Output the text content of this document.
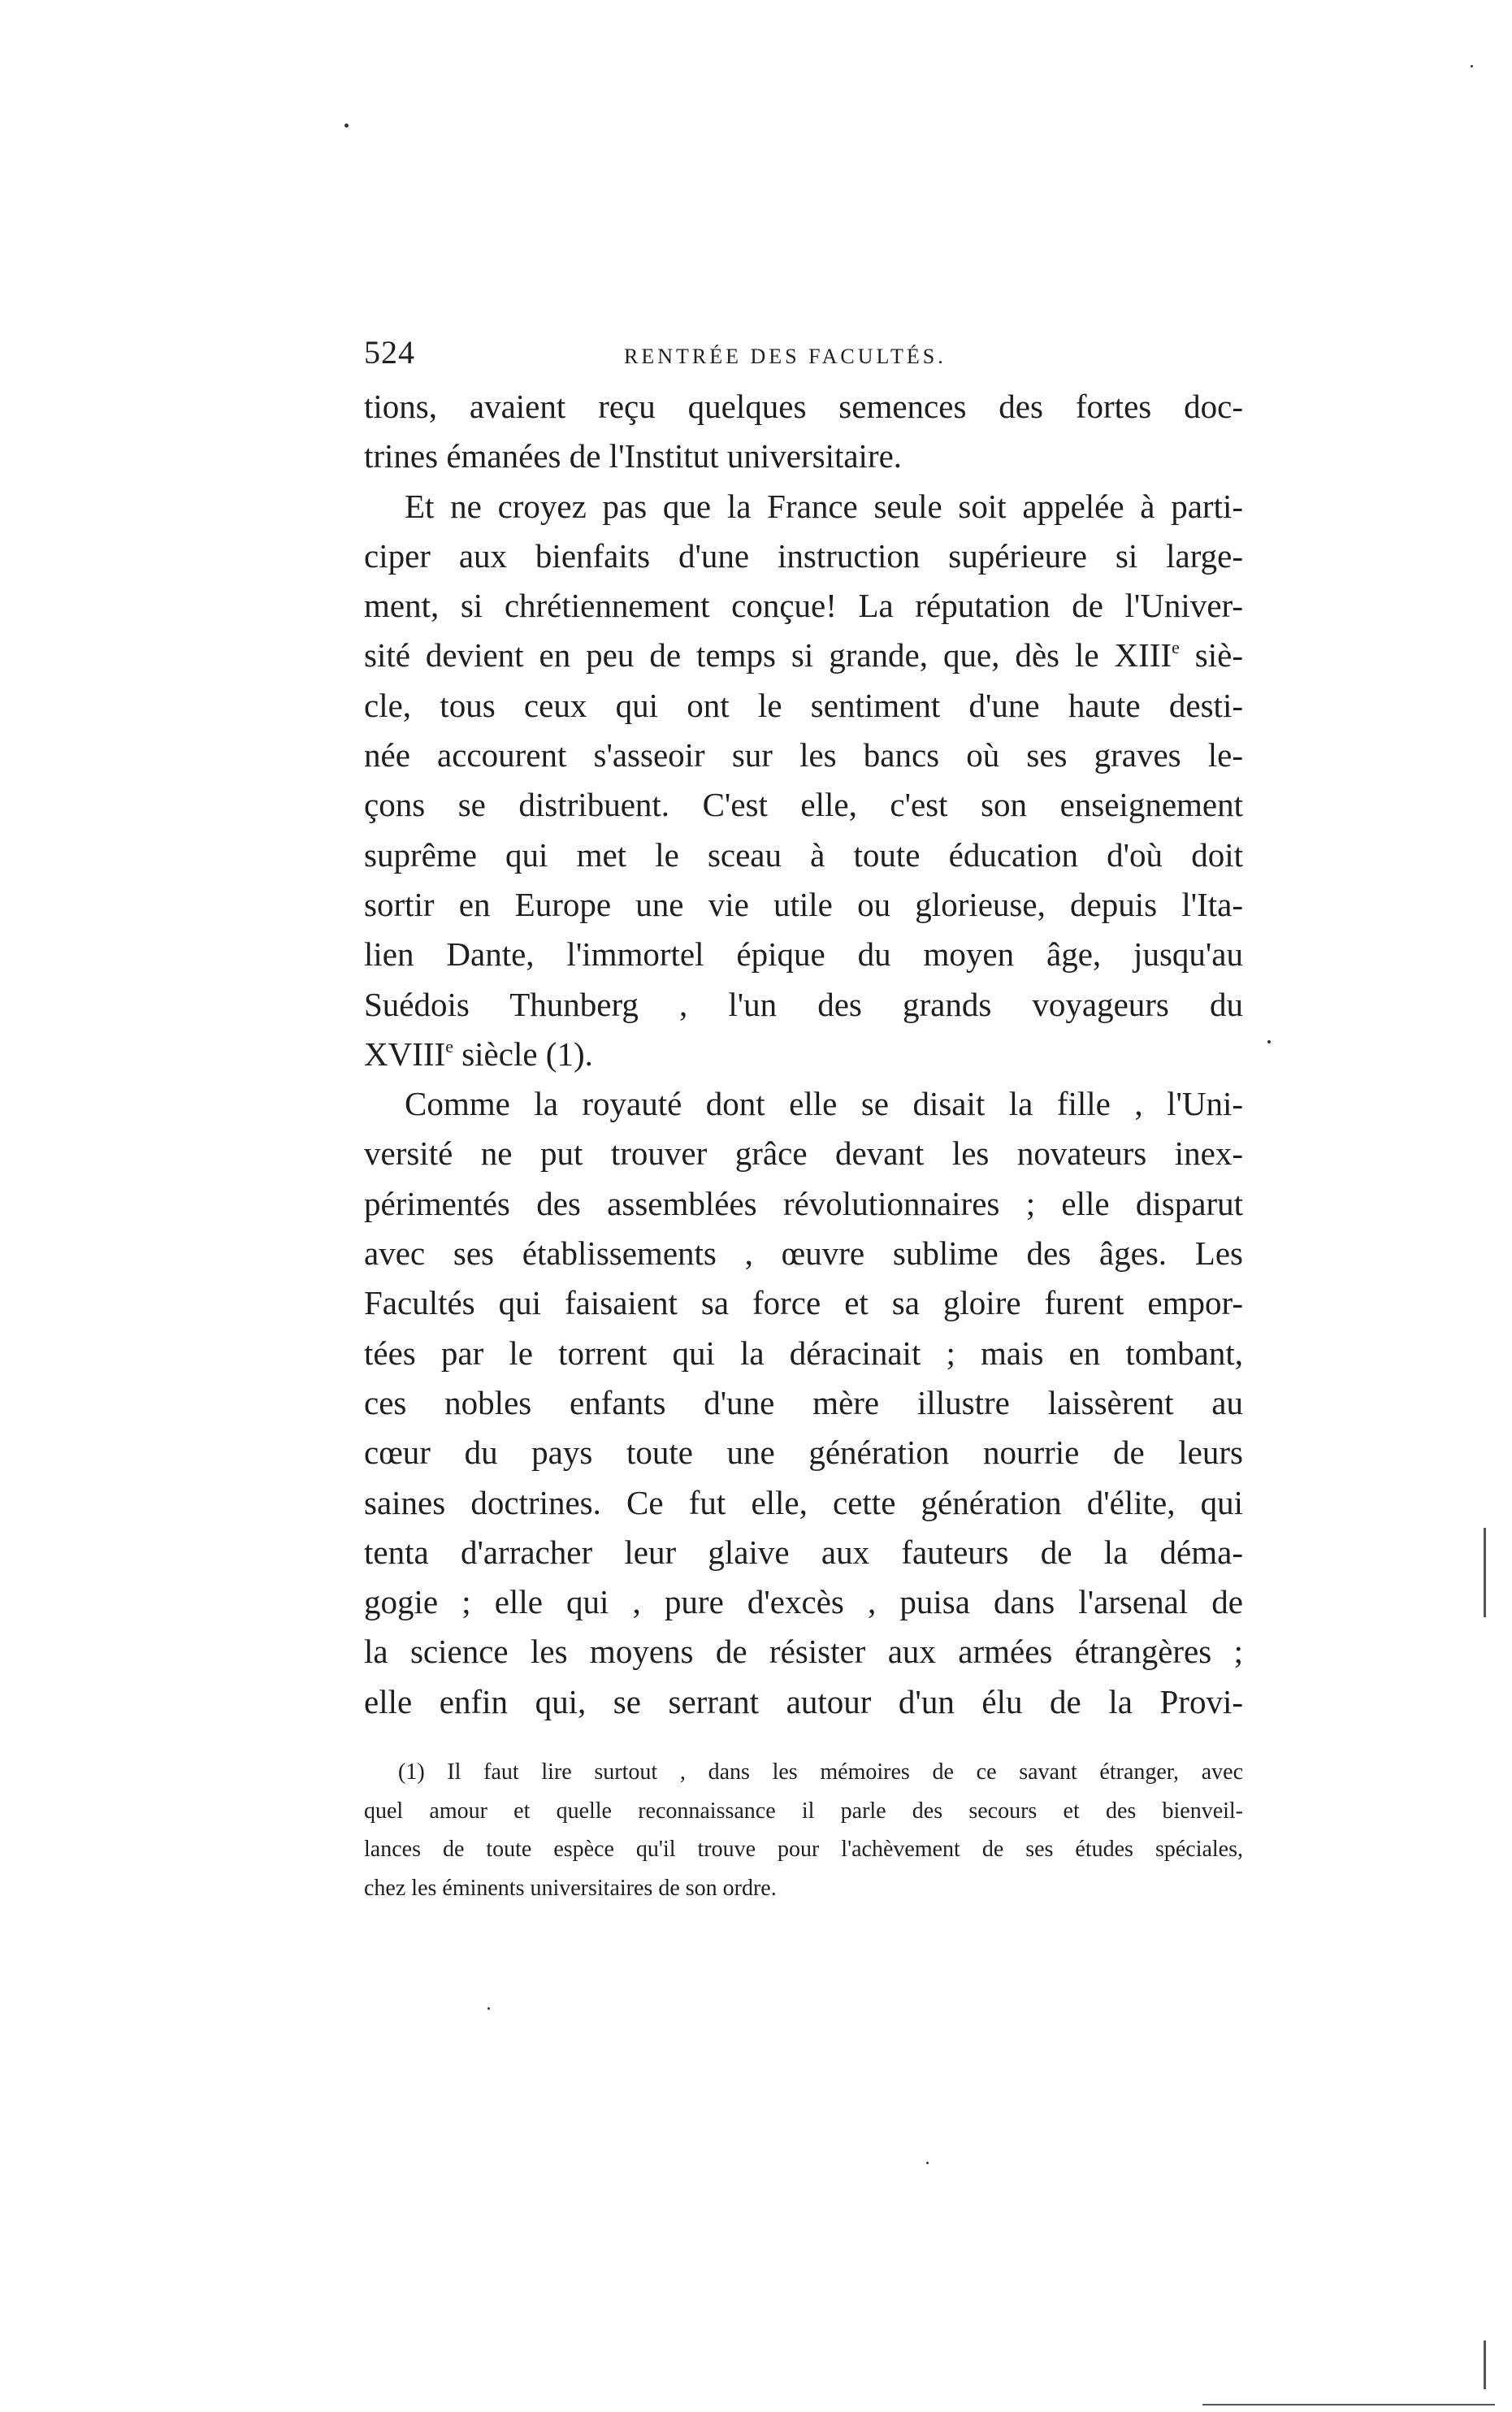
524	RENTRÉE DES FACULTÉS.
tions, avaient reçu quelques semences des fortes doc-
trines émanées de l'Institut universitaire.
Et ne croyez pas que la France seule soit appelée à parti-
ciper aux bienfaits d'une instruction supérieure si large-
ment, si chrétiennement conçue! La réputation de l'Univer-
sité devient en peu de temps si grande, que, dès le XIIIe siè-
cle, tous ceux qui ont le sentiment d'une haute desti-
née accourent s'asseoir sur les bancs où ses graves le-
çons se distribuent. C'est elle, c'est son enseignement
suprême qui met le sceau à toute éducation d'où doit
sortir en Europe une vie utile ou glorieuse, depuis l'Ita-
lien Dante, l'immortel épique du moyen âge, jusqu'au
Suédois Thunberg , l'un des grands voyageurs du
XVIIIe siècle (1).
Comme la royauté dont elle se disait la fille , l'Uni-
versité ne put trouver grâce devant les novateurs inex-
périmentés des assemblées révolutionnaires ; elle disparut
avec ses établissements , œuvre sublime des âges. Les
Facultés qui faisaient sa force et sa gloire furent empor-
tées par le torrent qui la déracinait ; mais en tombant,
ces nobles enfants d'une mère illustre laissèrent au
cœur du pays toute une génération nourrie de leurs
saines doctrines. Ce fut elle, cette génération d'élite, qui
tenta d'arracher leur glaive aux fauteurs de la déma-
gogie ; elle qui , pure d'excès , puisa dans l'arsenal de
la science les moyens de résister aux armées étrangères ;
elle enfin qui, se serrant autour d'un élu de la Provi-
(1) Il faut lire surtout , dans les mémoires de ce savant étranger, avec
quel amour et quelle reconnaissance il parle des secours et des bienveil-
lances de toute espèce qu'il trouve pour l'achèvement de ses études spéciales,
chez les éminents universitaires de son ordre.
